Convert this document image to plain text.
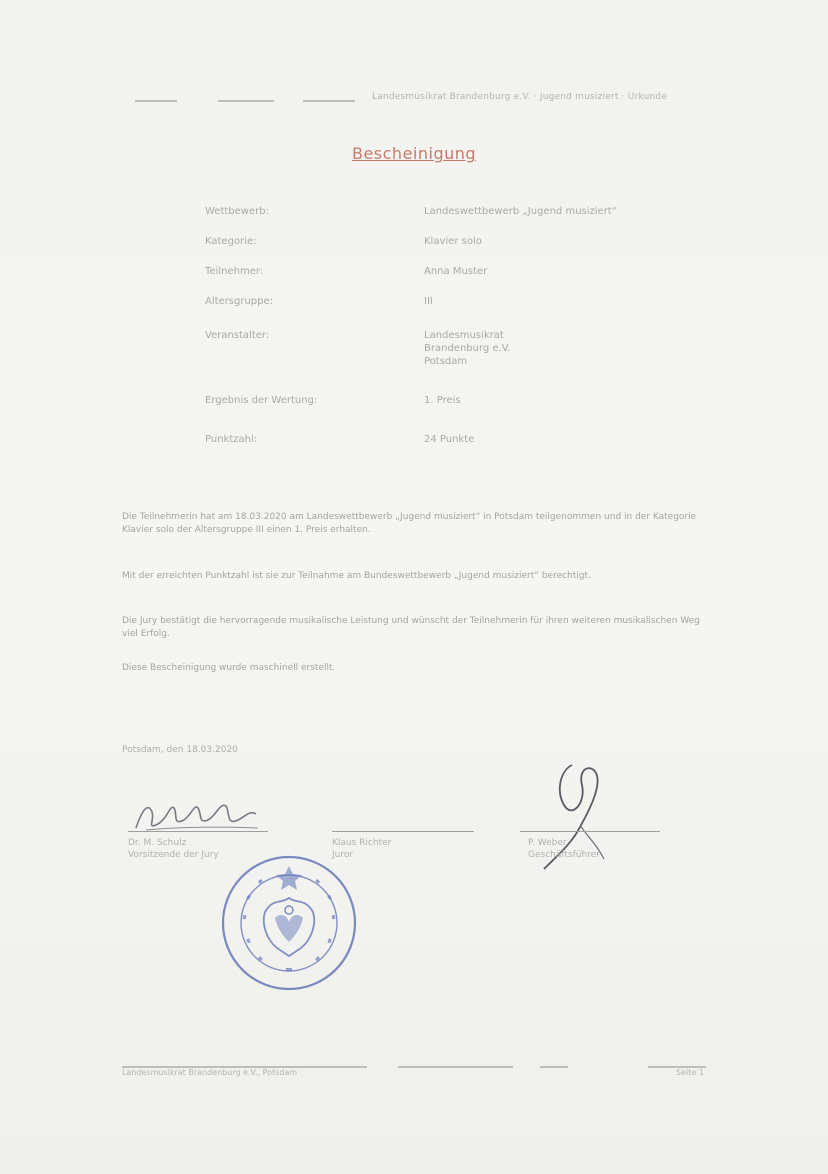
Landesmusikrat Brandenburg e.V. · Jugend musiziert · Urkunde
Bescheinigung
Wettbewerb:	Landeswettbewerb „Jugend musiziert“
Kategorie:	Klavier solo
Teilnehmer:	Anna Muster
Altersgruppe:	III
Veranstalter:	Landesmusikrat
Brandenburg e.V.
Potsdam
Ergebnis der Wertung:	1. Preis
Punktzahl:	24 Punkte

Die Teilnehmerin hat am 18.03.2020 am Landeswettbewerb „Jugend musiziert“ in Potsdam teilgenommen und in der Kategorie Klavier solo der Altersgruppe III einen 1. Preis erhalten.

Mit der erreichten Punktzahl ist sie zur Teilnahme am Bundeswettbewerb „Jugend musiziert“ berechtigt.

Die Jury bestätigt die hervorragende musikalische Leistung und wünscht der Teilnehmerin für ihren weiteren musikalischen Weg viel Erfolg.

Diese Bescheinigung wurde maschinell erstellt.

Potsdam, den 18.03.2020
Dr. M. Schulz
Vorsitzende der Jury
Klaus Richter
Juror
P. Weber
Geschäftsführer
Landesmusikrat Brandenburg e.V., Potsdam	Seite 1
